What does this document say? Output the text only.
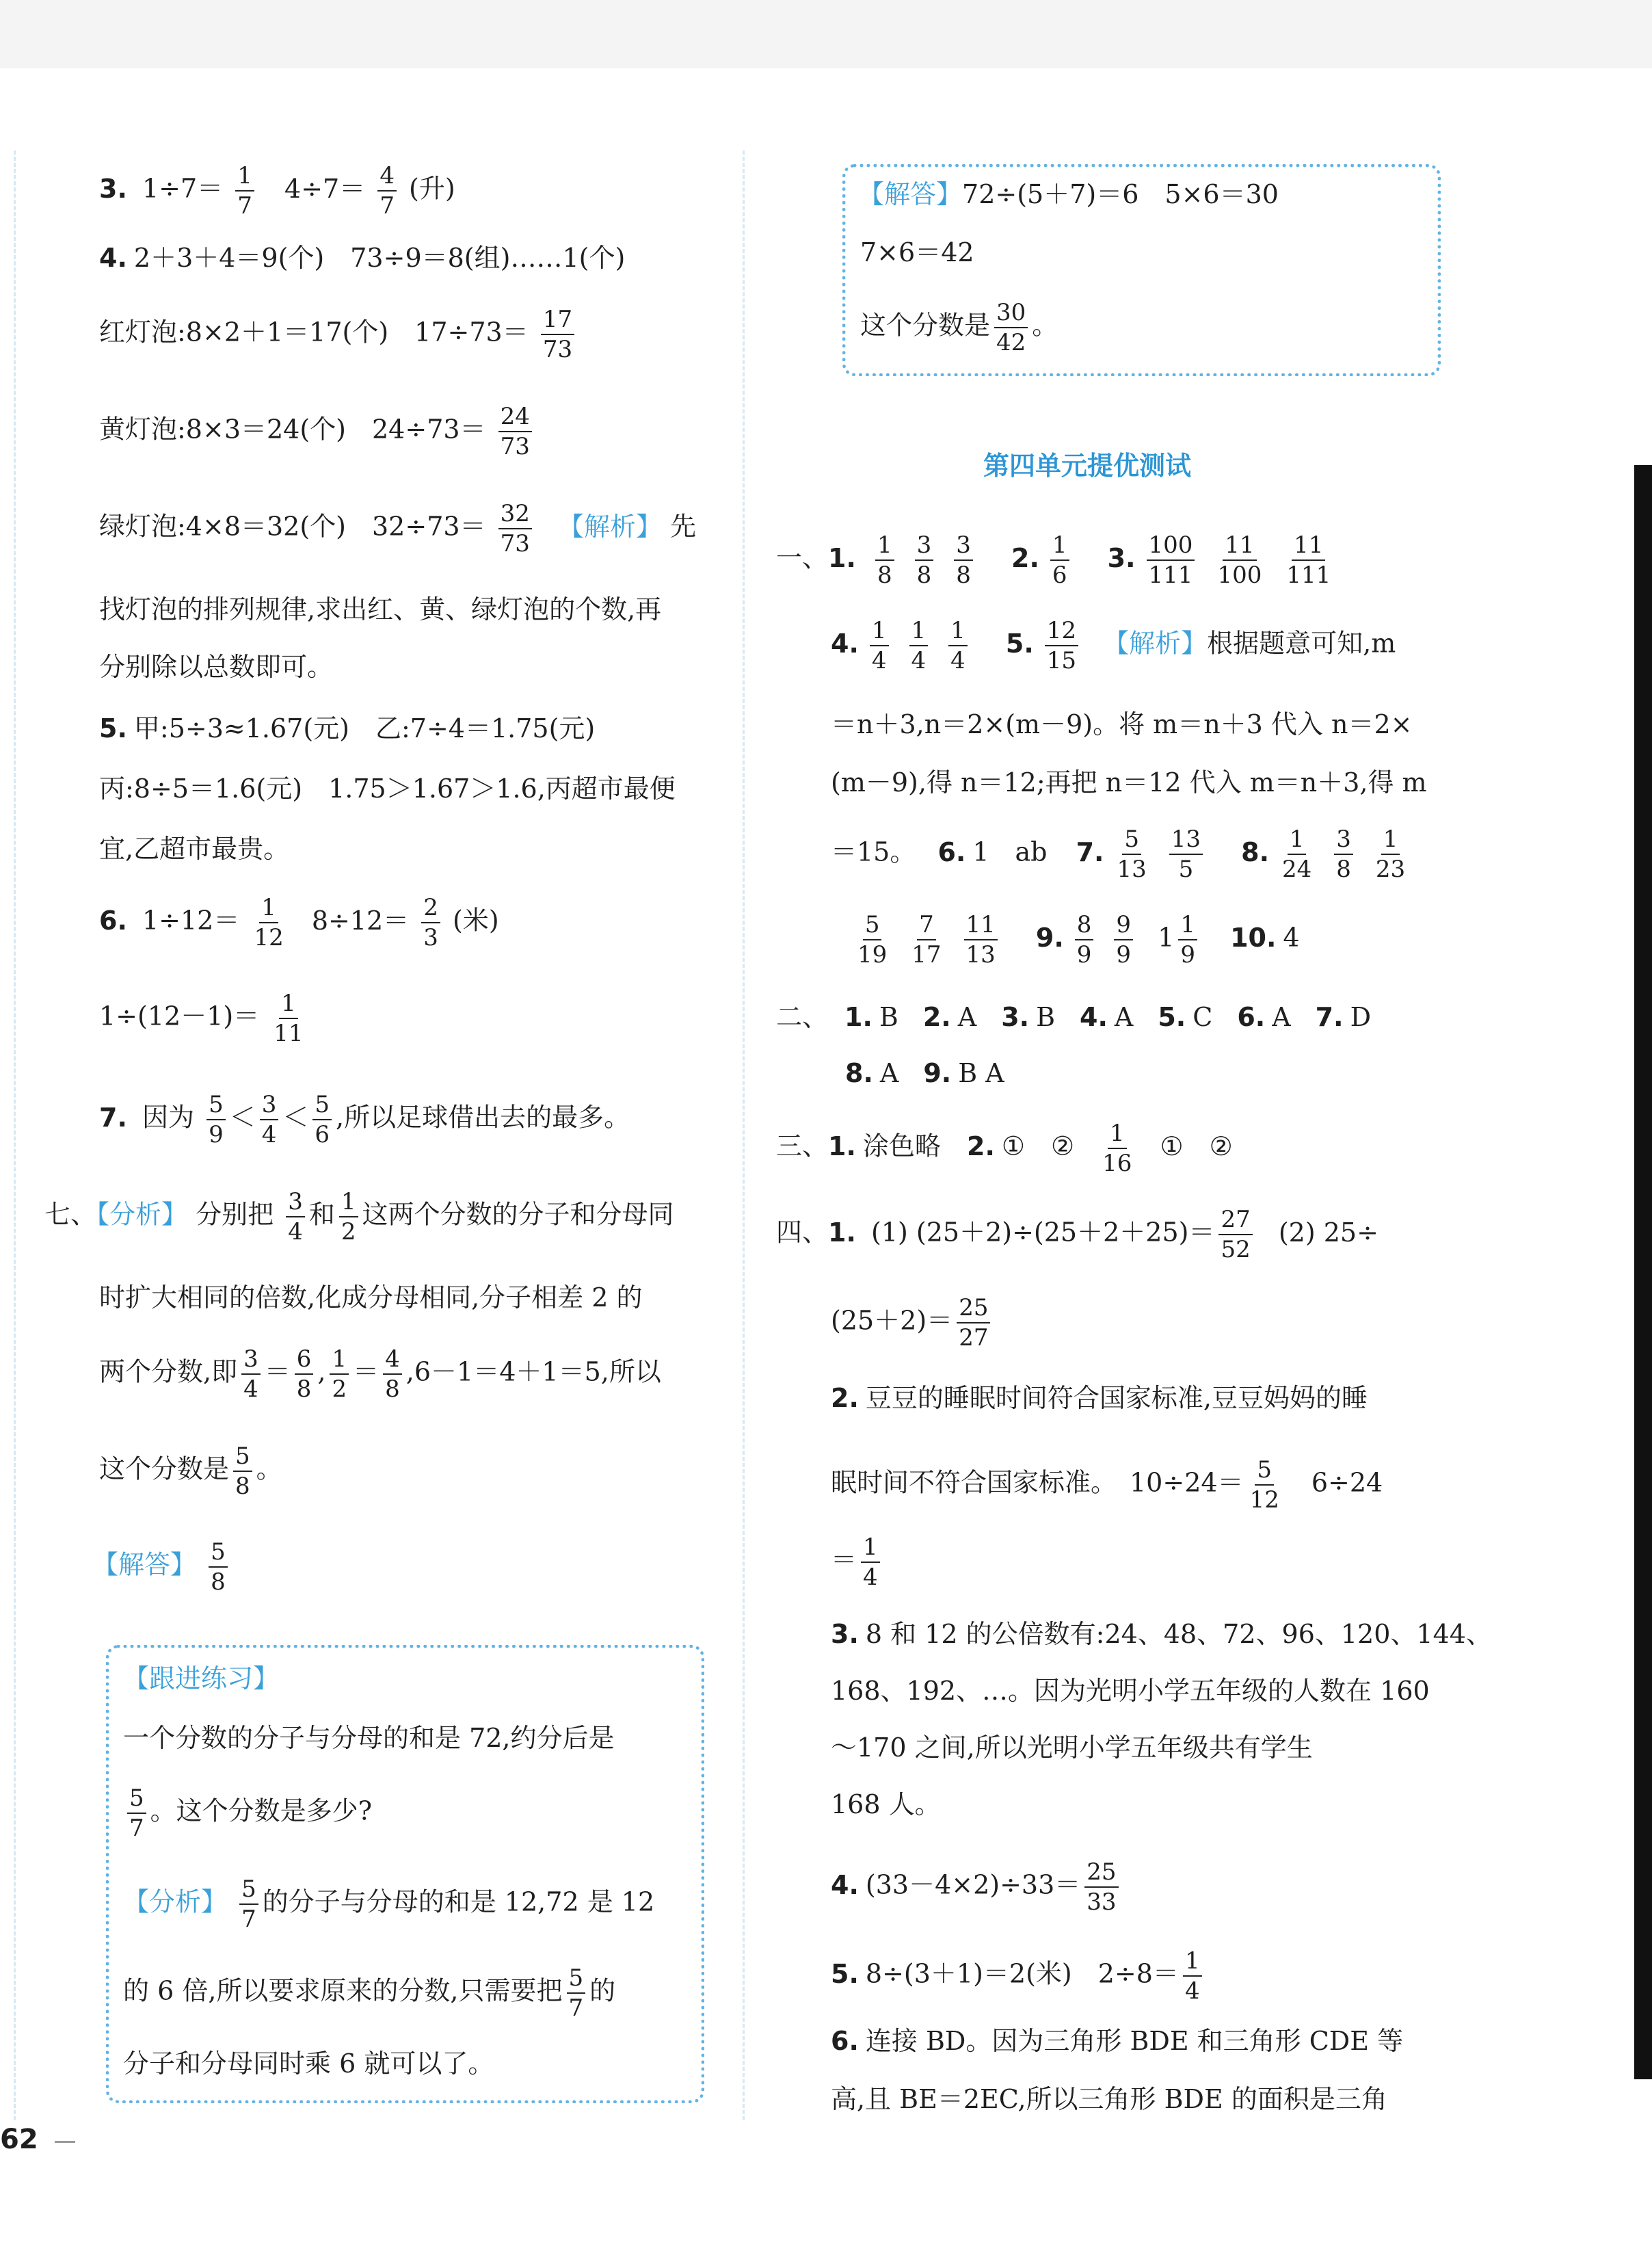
3. $1\div 7= \frac{1}{7} 4\div 7= \frac{4}{7}$ (升)
4. 2＋3＋4＝9(个)　73÷9＝8(组)……1(个)
红灯泡:8×2＋1＝17(个)　$17\div 73= \frac{17}{73}$
黄灯泡:8×3＝24(个)　$24\div 73= \frac{24}{73}$
绿灯泡:4×8＝32(个)　$32\div 73= \frac{32}{73}$ 【解析】 先
找灯泡的排列规律,求出红、黄、绿灯泡的个数,再
分别除以总数即可。
5. 甲:5÷3≈1.67(元)　乙:7÷4＝1.75(元)
丙:8÷5＝1.6(元)　1.75＞1.67＞1.6,丙超市最便
宜,乙超市最贵。
6. $1\div 12= \frac{1}{12} 8\div 12= \frac{2}{3}$ (米)
$1\div(12-1)= \frac{1}{11}$
7. 因为 $\frac{5}{9} < \frac{3}{4} < \frac{5}{6}$ ,所以足球借出去的最多。
七、【分析】 分别把 $\frac{3}{4}$ 和 $\frac{1}{2}$ 这两个分数的分子和分母同
时扩大相同的倍数,化成分母相同,分子相差 2 的
两个分数,即 $\frac{3}{4} = \frac{6}{8}$ , $\frac{1}{2} = \frac{4}{8} ,6-1=4+1=5$,所以
这个分数是 $\frac{5}{8}$ 。
【解答】 $\frac{5}{8}$
【跟进练习】
一个分数的分子与分母的和是 72,约分后是
$\frac{5}{7}$ 。这个分数是多少?
【分析】 $\frac{5}{7}$ 的分子与分母的和是 12,72 是 12
的 6 倍,所以要求原来的分数,只需要把 $\frac{5}{7}$ 的
分子和分母同时乘 6 就可以了。
【解答】72÷(5＋7)＝6　5×6＝30
7×6＝42
这个分数是 $\frac{30}{42}$ 。
第四单元提优测试
一、1. $\frac{1}{8} \frac{3}{8} \frac{3}{8} 2$. $\frac{1}{6} 3$. $\frac{100}{111} \frac{11}{100} \frac{11}{111}$
4. $\frac{1}{4} \frac{1}{4} \frac{1}{4} 5$. $\frac{12}{15}$ 【解析】根据题意可知,m
＝n＋3,n＝2×(m－9)。将 m＝n＋3 代入 n＝2×
(m－9),得 n＝12;再把 n＝12 代入 m＝n＋3,得 m
＝15。 6. 1　ab 7. $\frac{5}{13} \frac{13}{5} 8$. $\frac{1}{24} \frac{3}{8} \frac{1}{23}$
$\frac{5}{19} \frac{7}{17} \frac{11}{13} 9$. $\frac{8}{9} \frac{9}{9} 1 \frac{1}{9} 10$. 4
二、 1. B 2. A 3. B 4. A 5. C 6. A 7. D
8. A 9. B A
三、1. 涂色略 2. ①　② $\frac{1}{16}$ ①　②
四、1. (1) $(25+2)\div(25+2+25)= \frac{27}{52} (2)$ 25÷
$(25+2)= \frac{25}{27}$
2. 豆豆的睡眠时间符合国家标准,豆豆妈妈的睡
眠时间不符合国家标准。　$10\div 24= \frac{5}{12}$ 　6÷24
＝ $\frac{1}{4}$
3. 8 和 12 的公倍数有:24、48、72、96、120、144、
168、192、…。因为光明小学五年级的人数在 160
～170 之间,所以光明小学五年级共有学生
168 人。
4. $(33-4\times 2)\div 33= \frac{25}{33}$
5. 8÷(3＋1)＝2(米)　$2\div 8= \frac{1}{4}$
6. 连接 BD。因为三角形 BDE 和三角形 CDE 等
高,且 BE＝2EC,所以三角形 BDE 的面积是三角
62
